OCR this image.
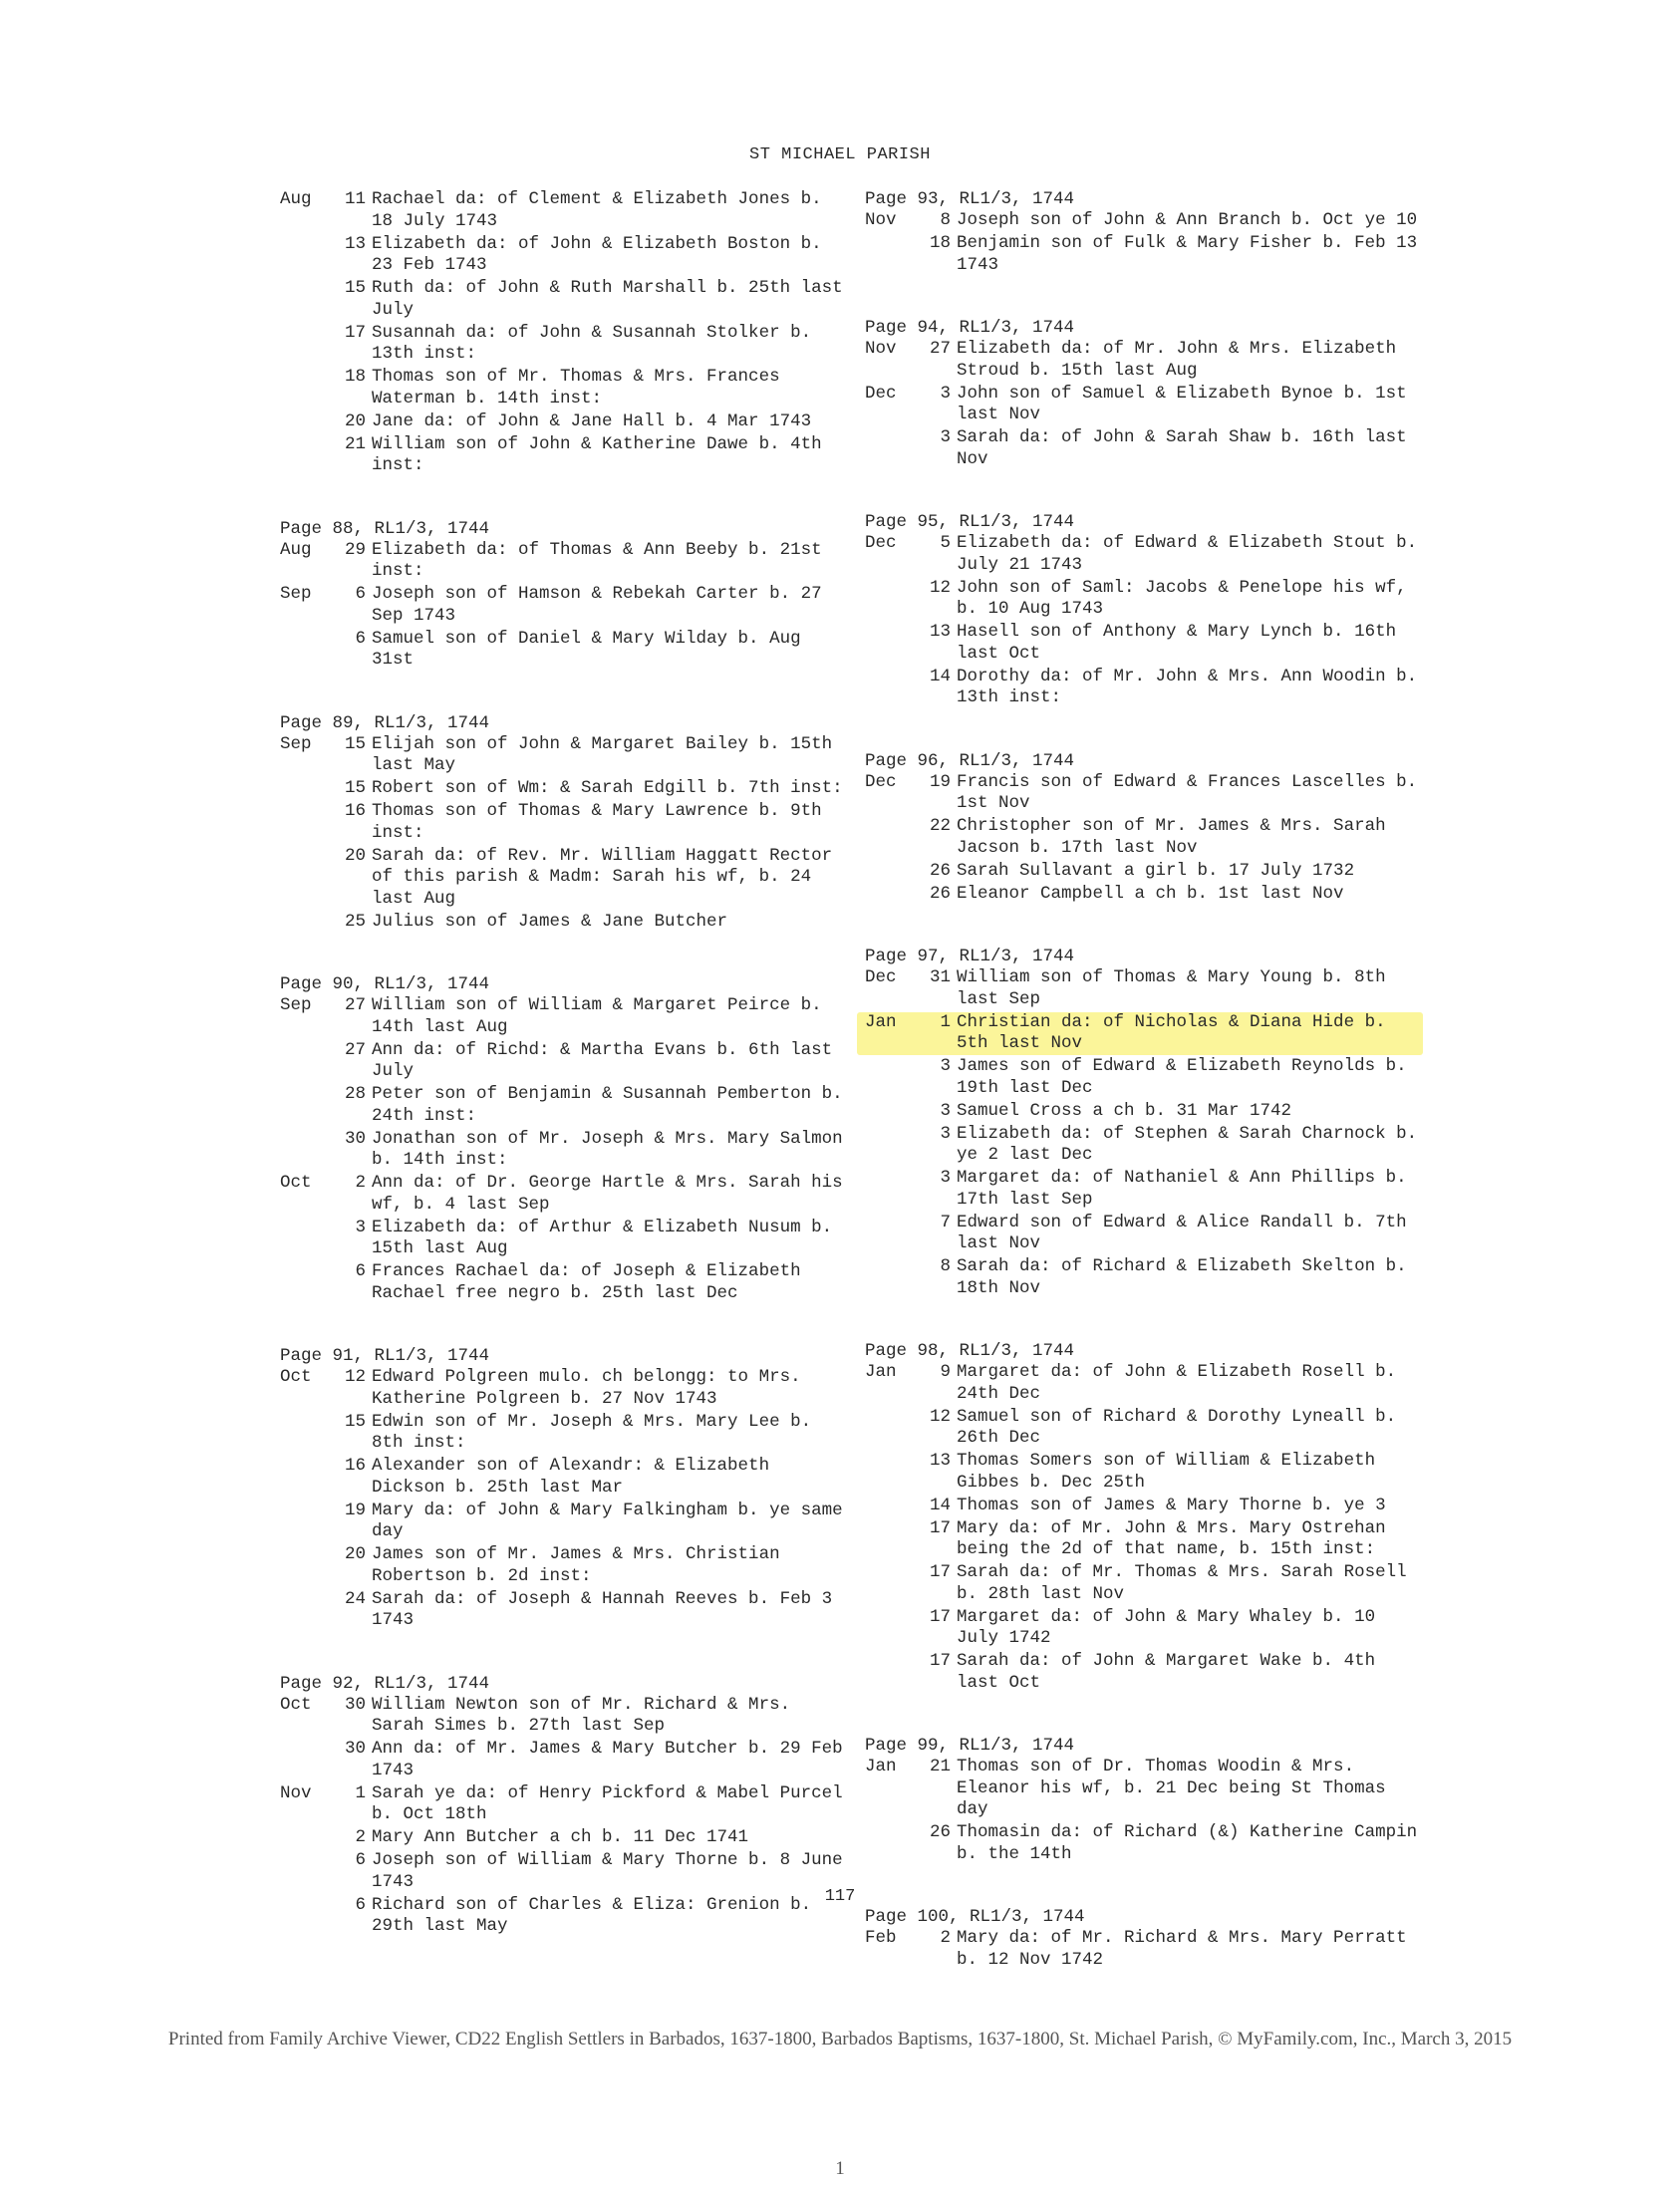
ST MICHAEL PARISH
Aug	11 Rachael da: of Clement & Elizabeth Jones b. 18 July 1743
13 Elizabeth da: of John & Elizabeth Boston b. 23 Feb 1743
15 Ruth da: of John & Ruth Marshall b. 25th last July
17 Susannah da: of John & Susannah Stolker b. 13th inst:
18 Thomas son of Mr. Thomas & Mrs. Frances Waterman b. 14th inst:
20 Jane da: of John & Jane Hall b. 4 Mar 1743
21 William son of John & Katherine Dawe b. 4th inst:
Page 88, RL1/3, 1744
Aug	29 Elizabeth da: of Thomas & Ann Beeby b. 21st inst:
Sep	6 Joseph son of Hamson & Rebekah Carter b. 27 Sep 1743
6 Samuel son of Daniel & Mary Wilday b. Aug 31st
Page 89, RL1/3, 1744
Sep	15 Elijah son of John & Margaret Bailey b. 15th last May
15 Robert son of Wm: & Sarah Edgill b. 7th inst:
16 Thomas son of Thomas & Mary Lawrence b. 9th inst:
20 Sarah da: of Rev. Mr. William Haggatt Rector of this parish & Madm: Sarah his wf, b. 24 last Aug
25 Julius son of James & Jane Butcher
Page 90, RL1/3, 1744
Sep	27 William son of William & Margaret Peirce b. 14th last Aug
27 Ann da: of Richd: & Martha Evans b. 6th last July
28 Peter son of Benjamin & Susannah Pemberton b. 24th inst:
30 Jonathan son of Mr. Joseph & Mrs. Mary Salmon b. 14th inst:
Oct	2 Ann da: of Dr. George Hartle & Mrs. Sarah his wf, b. 4 last Sep
3 Elizabeth da: of Arthur & Elizabeth Nusum b. 15th last Aug
6 Frances Rachael da: of Joseph & Elizabeth Rachael free negro b. 25th last Dec
Page 91, RL1/3, 1744
Oct	12 Edward Polgreen mulo. ch belongg: to Mrs. Katherine Polgreen b. 27 Nov 1743
15 Edwin son of Mr. Joseph & Mrs. Mary Lee b. 8th inst:
16 Alexander son of Alexandr: & Elizabeth Dickson b. 25th last Mar
19 Mary da: of John & Mary Falkingham b. ye same day
20 James son of Mr. James & Mrs. Christian Robertson b. 2d inst:
24 Sarah da: of Joseph & Hannah Reeves b. Feb 3 1743
Page 92, RL1/3, 1744
Oct	30 William Newton son of Mr. Richard & Mrs. Sarah Simes b. 27th last Sep
30 Ann da: of Mr. James & Mary Butcher b. 29 Feb 1743
Nov	1 Sarah ye da: of Henry Pickford & Mabel Purcel b. Oct 18th
2 Mary Ann Butcher a ch b. 11 Dec 1741
6 Joseph son of William & Mary Thorne b. 8 June 1743
6 Richard son of Charles & Eliza: Grenion b. 29th last May
Page 93, RL1/3, 1744
Nov	8 Joseph son of John & Ann Branch b. Oct ye 10
18 Benjamin son of Fulk & Mary Fisher b. Feb 13 1743
Page 94, RL1/3, 1744
Nov	27 Elizabeth da: of Mr. John & Mrs. Elizabeth Stroud b. 15th last Aug
Dec	3 John son of Samuel & Elizabeth Bynoe b. 1st last Nov
3 Sarah da: of John & Sarah Shaw b. 16th last Nov
Page 95, RL1/3, 1744
Dec	5 Elizabeth da: of Edward & Elizabeth Stout b. July 21 1743
12 John son of Saml: Jacobs & Penelope his wf, b. 10 Aug 1743
13 Hasell son of Anthony & Mary Lynch b. 16th last Oct
14 Dorothy da: of Mr. John & Mrs. Ann Woodin b. 13th inst:
Page 96, RL1/3, 1744
Dec	19 Francis son of Edward & Frances Lascelles b. 1st Nov
22 Christopher son of Mr. James & Mrs. Sarah Jacson b. 17th last Nov
26 Sarah Sullavant a girl b. 17 July 1732
26 Eleanor Campbell a ch b. 1st last Nov
Page 97, RL1/3, 1744
Dec	31 William son of Thomas & Mary Young b. 8th last Sep
Jan	1 Christian da: of Nicholas & Diana Hide b. 5th last Nov
3 James son of Edward & Elizabeth Reynolds b. 19th last Dec
3 Samuel Cross a ch b. 31 Mar 1742
3 Elizabeth da: of Stephen & Sarah Charnock b. ye 2 last Dec
3 Margaret da: of Nathaniel & Ann Phillips b. 17th last Sep
7 Edward son of Edward & Alice Randall b. 7th last Nov
8 Sarah da: of Richard & Elizabeth Skelton b. 18th Nov
Page 98, RL1/3, 1744
Jan	9 Margaret da: of John & Elizabeth Rosell b. 24th Dec
12 Samuel son of Richard & Dorothy Lyneall b. 26th Dec
13 Thomas Somers son of William & Elizabeth Gibbes b. Dec 25th
14 Thomas son of James & Mary Thorne b. ye 3
17 Mary da: of Mr. John & Mrs. Mary Ostrehan being the 2d of that name, b. 15th inst:
17 Sarah da: of Mr. Thomas & Mrs. Sarah Rosell b. 28th last Nov
17 Margaret da: of John & Mary Whaley b. 10 July 1742
17 Sarah da: of John & Margaret Wake b. 4th last Oct
Page 99, RL1/3, 1744
Jan	21 Thomas son of Dr. Thomas Woodin & Mrs. Eleanor his wf, b. 21 Dec being St Thomas day
26 Thomasin da: of Richard (&) Katherine Campin b. the 14th
Page 100, RL1/3, 1744
Feb	2 Mary da: of Mr. Richard & Mrs. Mary Perratt b. 12 Nov 1742
117
Printed from Family Archive Viewer, CD22 English Settlers in Barbados, 1637-1800, Barbados Baptisms, 1637-1800, St. Michael Parish, © MyFamily.com, Inc., March 3, 2015
1
